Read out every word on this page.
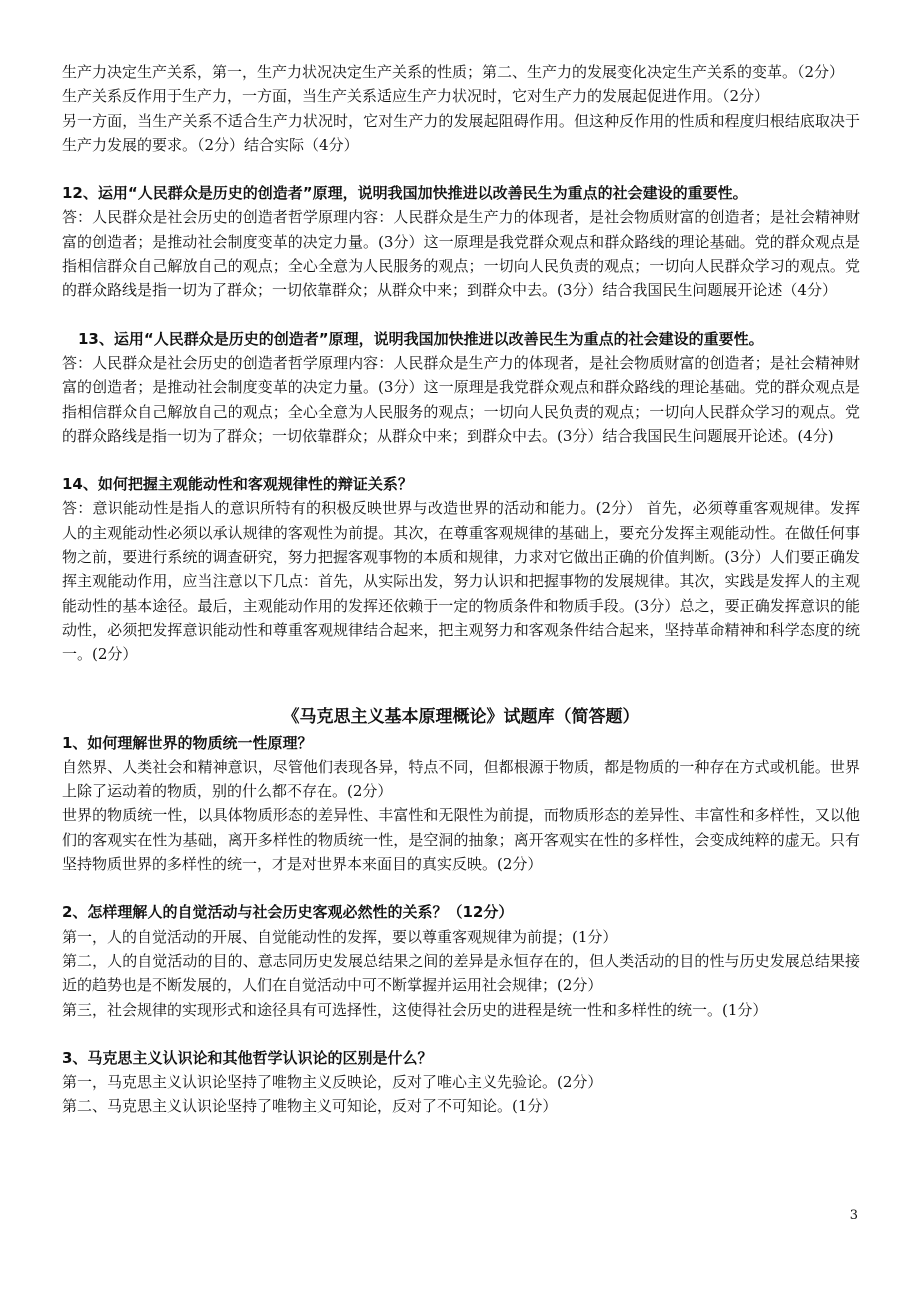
生产力决定生产关系，第一，生产力状况决定生产关系的性质；第二、生产力的发展变化决定生产关系的变革。（2分）

生产关系反作用于生产力，一方面，当生产关系适应生产力状况时，它对生产力的发展起促进作用。（2分）

另一方面，当生产关系不适合生产力状况时，它对生产力的发展起阻碍作用。但这种反作用的性质和程度归根结底取决于生产力发展的要求。（2分）结合实际（4分）

12、运用“人民群众是历史的创造者”原理，说明我国加快推进以改善民生为重点的社会建设的重要性。

答：人民群众是社会历史的创造者哲学原理内容：人民群众是生产力的体现者，是社会物质财富的创造者；是社会精神财富的创造者；是推动社会制度变革的决定力量。(3分）这一原理是我党群众观点和群众路线的理论基础。党的群众观点是指相信群众自己解放自己的观点；全心全意为人民服务的观点；一切向人民负责的观点；一切向人民群众学习的观点。党的群众路线是指一切为了群众；一切依靠群众；从群众中来；到群众中去。(3分）结合我国民生问题展开论述（4分）

13、运用“人民群众是历史的创造者”原理，说明我国加快推进以改善民生为重点的社会建设的重要性。

答：人民群众是社会历史的创造者哲学原理内容：人民群众是生产力的体现者，是社会物质财富的创造者；是社会精神财富的创造者；是推动社会制度变革的决定力量。(3分）这一原理是我党群众观点和群众路线的理论基础。党的群众观点是指相信群众自己解放自己的观点；全心全意为人民服务的观点；一切向人民负责的观点；一切向人民群众学习的观点。党的群众路线是指一切为了群众；一切依靠群众；从群众中来；到群众中去。(3分）结合我国民生问题展开论述。(4分)

14、如何把握主观能动性和客观规律性的辩证关系？

答：意识能动性是指人的意识所特有的积极反映世界与改造世界的活动和能力。(2分） 首先，必须尊重客观规律。发挥人的主观能动性必须以承认规律的客观性为前提。其次，在尊重客观规律的基础上，要充分发挥主观能动性。在做任何事物之前，要进行系统的调查研究，努力把握客观事物的本质和规律，力求对它做出正确的价值判断。(3分）人们要正确发挥主观能动作用，应当注意以下几点：首先，从实际出发，努力认识和把握事物的发展规律。其次，实践是发挥人的主观能动性的基本途径。最后，主观能动作用的发挥还依赖于一定的物质条件和物质手段。(3分）总之，要正确发挥意识的能动性，必须把发挥意识能动性和尊重客观规律结合起来，把主观努力和客观条件结合起来，坚持革命精神和科学态度的统一。(2分）

《马克思主义基本原理概论》试题库（简答题）

1、如何理解世界的物质统一性原理？

自然界、人类社会和精神意识，尽管他们表现各异，特点不同，但都根源于物质，都是物质的一种存在方式或机能。世界上除了运动着的物质，别的什么都不存在。(2分）

世界的物质统一性，以具体物质形态的差异性、丰富性和无限性为前提，而物质形态的差异性、丰富性和多样性，又以他们的客观实在性为基础，离开多样性的物质统一性，是空洞的抽象；离开客观实在性的多样性，会变成纯粹的虚无。只有坚持物质世界的多样性的统一，才是对世界本来面目的真实反映。(2分）

2、怎样理解人的自觉活动与社会历史客观必然性的关系？（12分）

第一，人的自觉活动的开展、自觉能动性的发挥，要以尊重客观规律为前提；(1分）

第二，人的自觉活动的目的、意志同历史发展总结果之间的差异是永恒存在的，但人类活动的目的性与历史发展总结果接近的趋势也是不断发展的，人们在自觉活动中可不断掌握并运用社会规律；(2分）

第三，社会规律的实现形式和途径具有可选择性，这使得社会历史的进程是统一性和多样性的统一。(1分）

3、马克思主义认识论和其他哲学认识论的区别是什么？

第一，马克思主义认识论坚持了唯物主义反映论，反对了唯心主义先验论。(2分）

第二、马克思主义认识论坚持了唯物主义可知论，反对了不可知论。(1分）

3
